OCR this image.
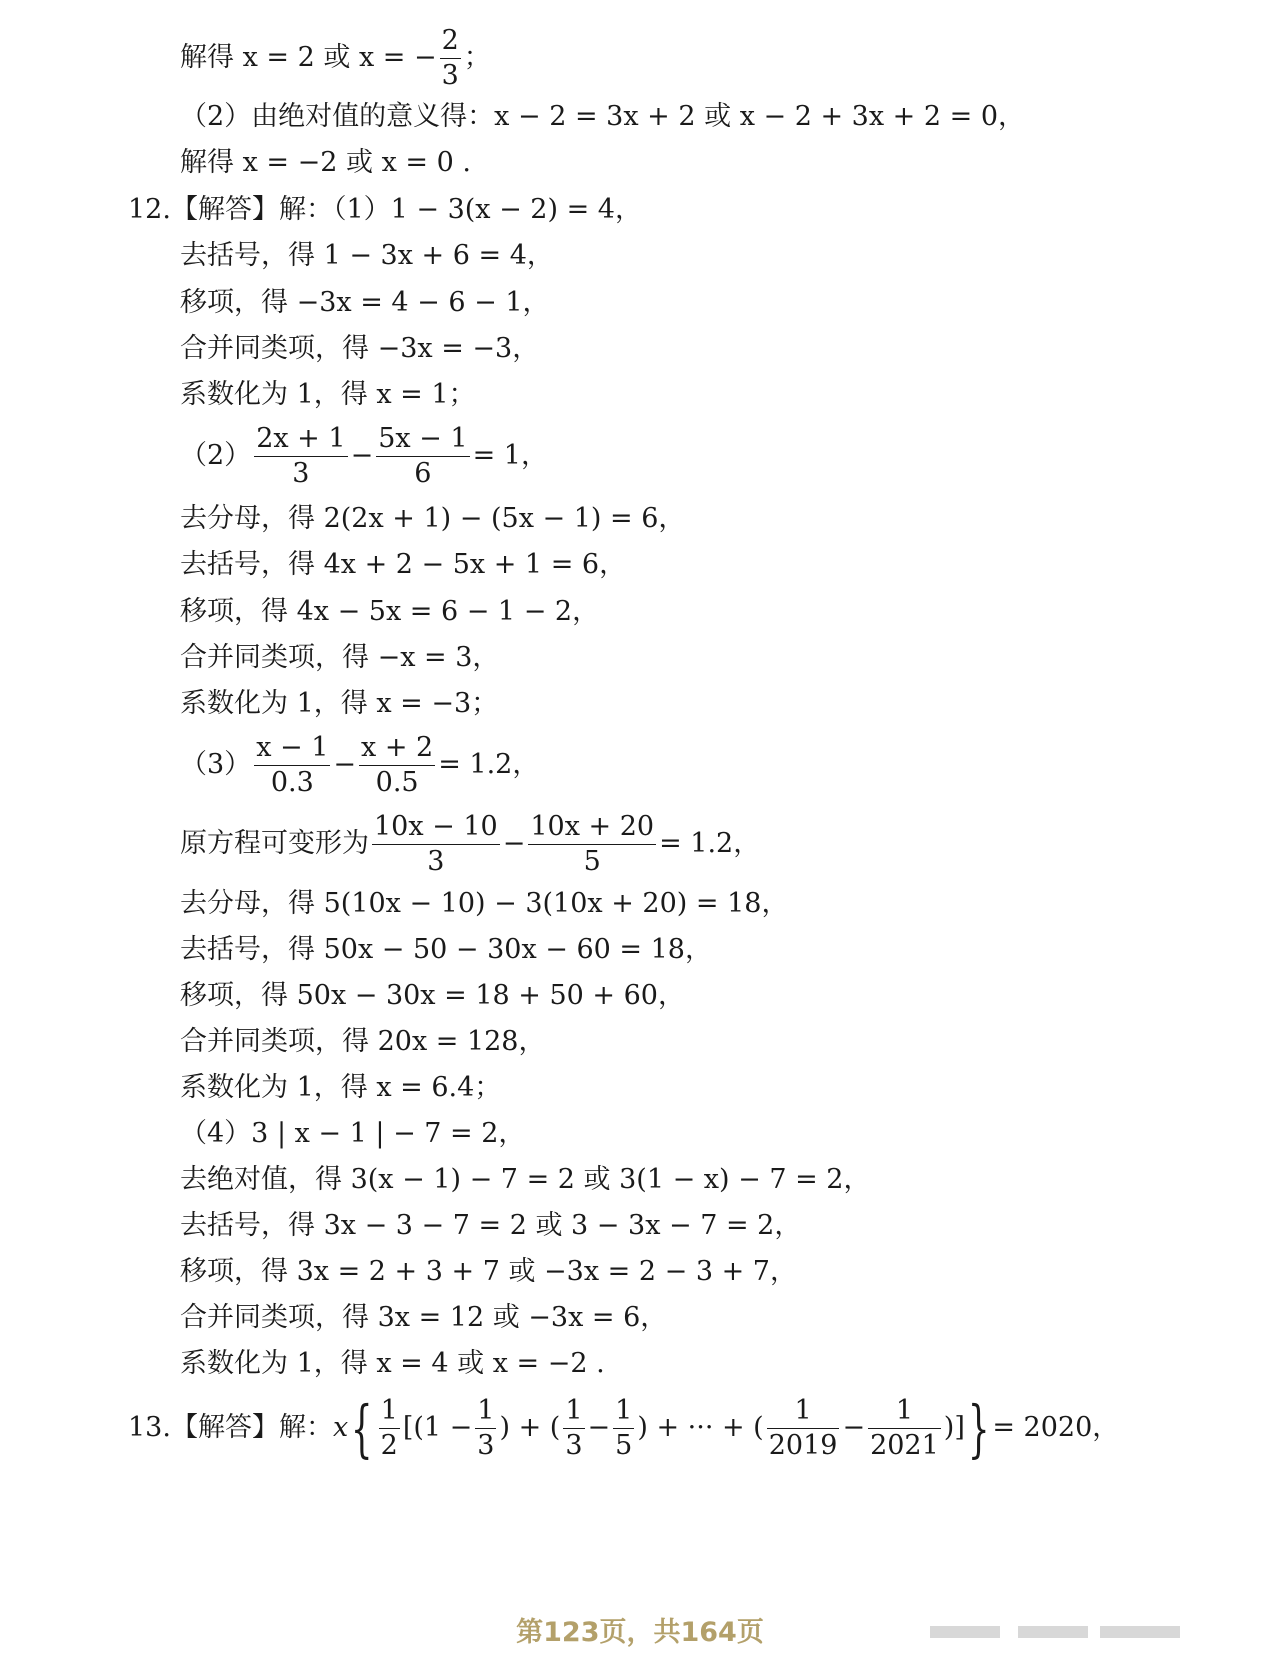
解得 x = 2 或 x = − $\frac{2}{3}$ ；
（2）由绝对值的意义得：x − 2 = 3x + 2 或 x − 2 + 3x + 2 = 0，
解得 x = −2 或 x = 0 .
12.【解答】解：（1）1 − 3(x − 2) = 4，
去括号，得 1 − 3x + 6 = 4，
移项，得 −3x = 4 − 6 − 1，
合并同类项，得 −3x = −3，
系数化为 1，得 x = 1；
$(2) \frac{2x + 1}{3} - \frac{5x - 1}{6} = 1$，
去分母，得 2(2x + 1) − (5x − 1) = 6，
去括号，得 4x + 2 − 5x + 1 = 6，
移项，得 4x − 5x = 6 − 1 − 2，
合并同类项，得 −x = 3，
系数化为 1，得 x = −3；
$(3) \frac{x - 1}{0.3} - \frac{x + 2}{0.5} = 1.2$，
原方程可变形为 $\frac{10x - 10}{3} - \frac{10x + 20}{5} = 1.2$，
去分母，得 5(10x − 10) − 3(10x + 20) = 18，
去括号，得 50x − 50 − 30x − 60 = 18，
移项，得 50x − 30x = 18 + 50 + 60，
合并同类项，得 20x = 128，
系数化为 1，得 x = 6.4；
（4）3 | x − 1 | − 7 = 2，
去绝对值，得 3(x − 1) − 7 = 2 或 3(1 − x) − 7 = 2，
去括号，得 3x − 3 − 7 = 2 或 3 − 3x − 7 = 2，
移项，得 3x = 2 + 3 + 7 或 −3x = 2 − 3 + 7，
合并同类项，得 3x = 12 或 −3x = 6，
系数化为 1，得 x = 4 或 x = −2 .
13.【解答】解：$x\{ \frac{1}{2} [(1 - \frac{1}{3}$ ) + ( $\frac{1}{3} - \frac{1}{5}$ ) + ··· + ( $\frac{1}{2019} - \frac{1}{2021}$ )]} = 2020，
第123页，共164页
